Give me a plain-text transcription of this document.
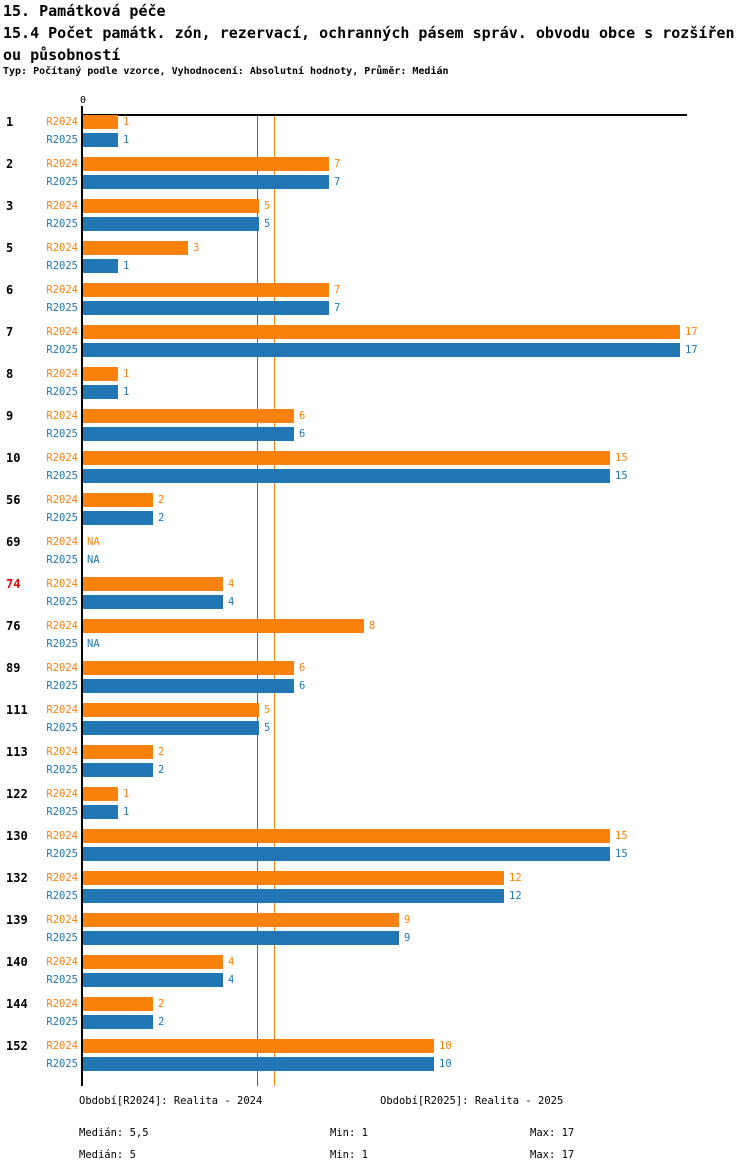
15. Památková péče
15.4 Počet památk. zón, rezervací, ochranných pásem správ. obvodu obce s rozšířen
ou působností
Typ: Počítaný podle vzorce, Vyhodnocení: Absolutní hodnoty, Průměr: Medián
0
1	R2024	1
R2025	1
2	R2024	7
R2025	7
3	R2024	5
R2025	5
5	R2024	3
R2025	1
6	R2024	7
R2025	7
7	R2024	17
R2025	17
8	R2024	1
R2025	1
9	R2024	6
R2025	6
10	R2024	15
R2025	15
56	R2024	2
R2025	2
69	R2024 NA
R2025 NA
74	R2024	4
R2025	4
76	R2024	8
R2025 NA
89	R2024	6
R2025	6
111	R2024	5
R2025	5
113	R2024	2
R2025	2
122	R2024	1
R2025	1
130	R2024	15
R2025	15
132	R2024	12
R2025	12
139	R2024	9
R2025	9
140	R2024	4
R2025	4
144	R2024	2
R2025	2
152	R2024	10
R2025	10
Období[R2024]: Realita - 2024	Období[R2025]: Realita - 2025
Medián: 5,5	Min: 1	Max: 17
Medián: 5	Min: 1	Max: 17
